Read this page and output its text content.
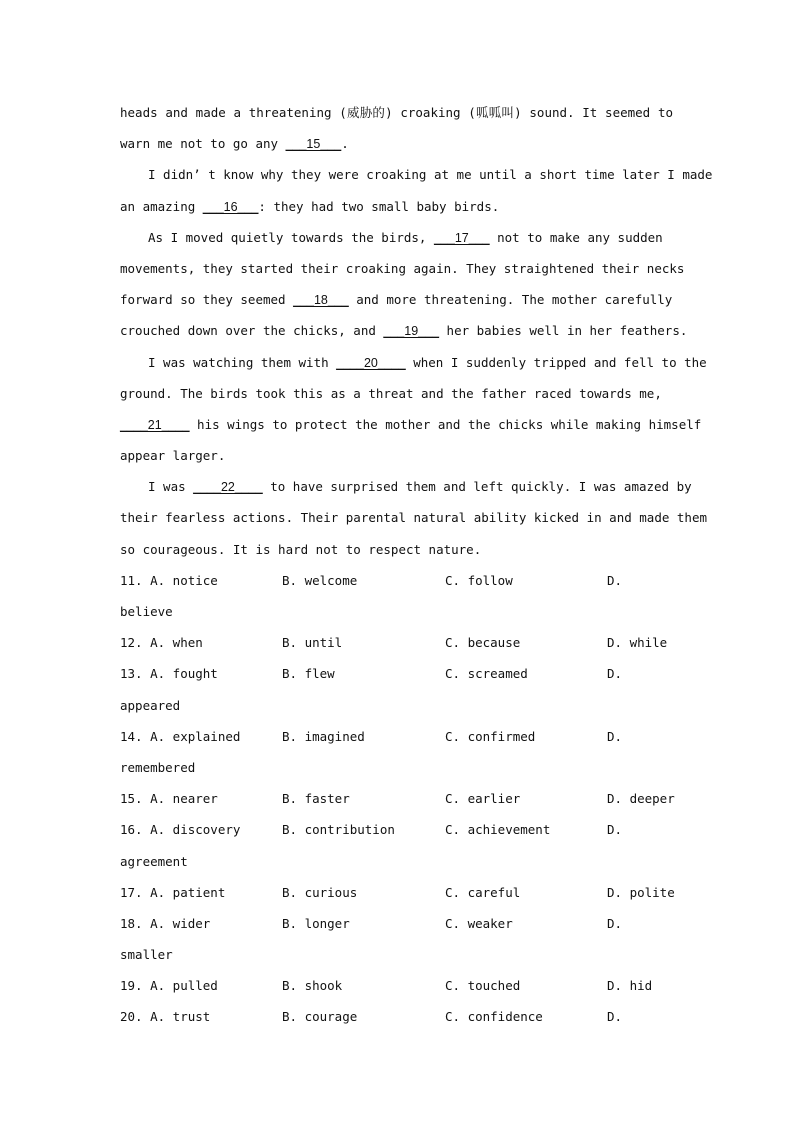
heads and made a threatening (威胁的) croaking (呱呱叫) sound. It seemed to
warn me not to go any ___15___.
I didn’ t know why they were croaking at me until a short time later I made
an amazing ___16___: they had two small baby birds.
As I moved quietly towards the birds, ___17___ not to make any sudden
movements, they started their croaking again. They straightened their necks
forward so they seemed ___18___ and more threatening. The mother carefully
crouched down over the chicks, and ___19___ her babies well in her feathers.
I was watching them with ____20____ when I suddenly tripped and fell to the
ground. The birds took this as a threat and the father raced towards me,
____21____ his wings to protect the mother and the chicks while making himself
appear larger.
I was ____22____ to have surprised them and left quickly. I was amazed by
their fearless actions. Their parental natural ability kicked in and made them
so courageous. It is hard not to respect nature.
11. A. notice	B. welcome	C. follow	D.
believe
12. A. when	B. until	C. because	D. while
13. A. fought	B. flew	C. screamed	D.
appeared
14. A. explained	B. imagined	C. confirmed	D.
remembered
15. A. nearer	B. faster	C. earlier	D. deeper
16. A. discovery	B. contribution	C. achievement	D.
agreement
17. A. patient	B. curious	C. careful	D. polite
18. A. wider	B. longer	C. weaker	D.
smaller
19. A. pulled	B. shook	C. touched	D. hid
20. A. trust	B. courage	C. confidence	D.
